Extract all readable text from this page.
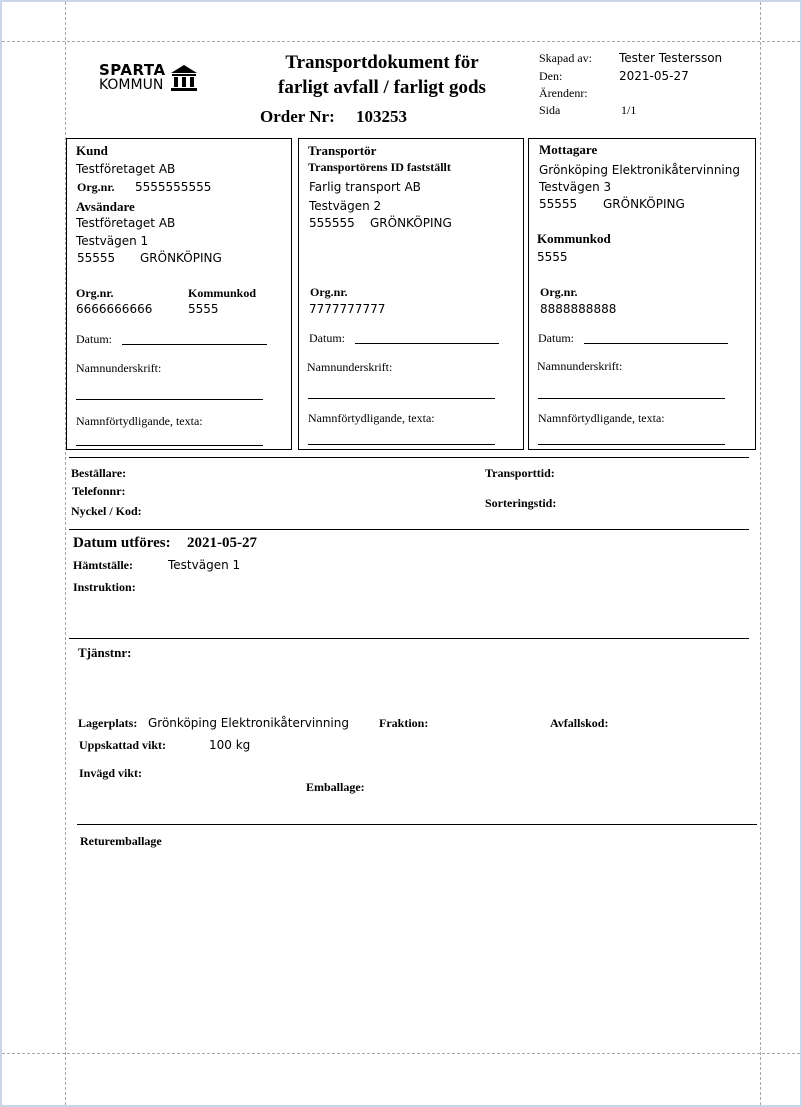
SPARTA
KOMMUN
Transportdokument för
farligt avfall / farligt gods
Order Nr: 103253
Skapad av: Tester Testersson
Den:	2021-05-27
Ärendenr:
Sida	1/1
Kund
Testföretaget AB
Org.nr. 5555555555
Avsändare
Testföretaget AB
Testvägen 1
55555 GRÖNKÖPING
Org.nr.
6666666666
Kommunkod
5555
Datum:
Namnunderskrift:
Namnförtydligande, texta:
Transportör
Transportörens ID fastställt
Farlig transport AB
Testvägen 2
555555 GRÖNKÖPING
Org.nr.
7777777777
Datum:
Namnunderskrift:
Namnförtydligande, texta:
Mottagare
Grönköping Elektronikåtervinning
Testvägen 3
55555 GRÖNKÖPING
Kommunkod
5555
Org.nr.
8888888888
Datum:
Namnunderskrift:
Namnförtydligande, texta:
Beställare:
Telefonnr:
Nyckel / Kod:
Transporttid:
Sorteringstid:
Datum utföres: 2021-05-27
Hämtställe:	Testvägen 1
Instruktion:
Tjänstnr:
Lagerplats: Grönköping Elektronikåtervinning	Fraktion:	Avfallskod:
Uppskattad vikt:	100 kg
Invägd vikt:
Emballage:
Returemballage
